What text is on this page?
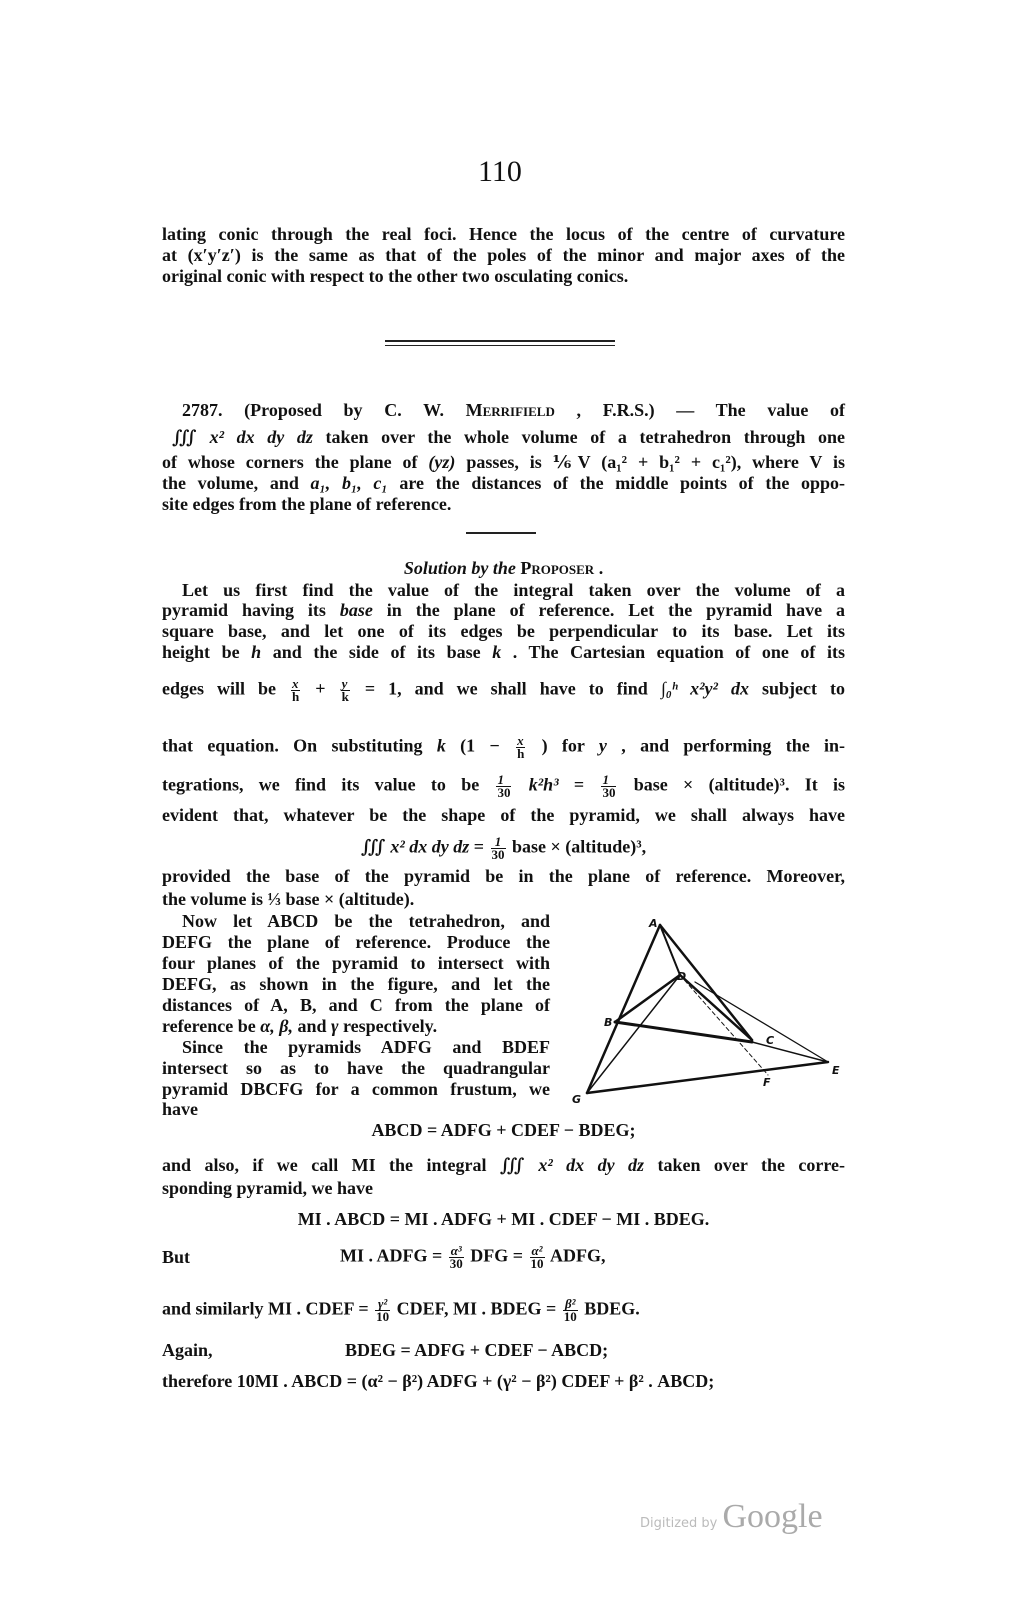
110
lating conic through the real foci. Hence the locus of the centre of curvature
at (x′y′z′) is the same as that of the poles of the minor and major axes of the
original conic with respect to the other two osculating conics.
2787. (Proposed by C. W. Merrifield , F.R.S.) — The value of
∭ x² dx dy dz taken over the whole volume of a tetrahedron through one
of whose corners the plane of (yz) passes, is ⅙V (a₁² + b₁² + c₁²), where V is
the volume, and a₁, b₁, c₁ are the distances of the middle points of the oppo-
site edges from the plane of reference.
Solution by the Proposer .
Let us first find the value of the integral taken over the volume of a
pyramid having its base in the plane of reference. Let the pyramid have a
square base, and let one of its edges be perpendicular to its base. Let its
height be h and the side of its base k . The Cartesian equation of one of its
edges will be $\frac{x}{h} + \frac{y}{k} = 1$, and we shall have to find ∫₀ʰ x²y² dx subject to
that equation. On substituting k ($1 - \frac{x}{h}$ ) for y , and performing the in-
tegrations, we find its value to be $\frac{1}{30} k^2h^3 = \frac{1}{30}$ base × (altitude)³. It is
evident that, whatever be the shape of the pyramid, we shall always have
∭ x² dx dy dz = $\frac{1}{30}$ base × (altitude)³,
provided the base of the pyramid be in the plane of reference. Moreover,
the volume is ⅓ base × (altitude).
Now let ABCD be the tetrahedron, and
DEFG the plane of reference. Produce the
four planes of the pyramid to intersect with
DEFG, as shown in the figure, and let the
distances of A, B, and C from the plane of
reference be α, β, and γ respectively.
Since the pyramids ADFG and BDEF
intersect so as to have the quadrangular
pyramid DBCFG for a common frustum, we
have
ABCD = ADFG + CDEF − BDEG;
and also, if we call MI the integral ∭ x² dx dy dz taken over the corre-
sponding pyramid, we have
MI . ABCD = MI . ADFG + MI . CDEF − MI . BDEG.
But	MI . ADFG = $\frac{\text{α³}}{30}$ DFG = $\frac{\text{α²}}{10}$ ADFG,
and similarly MI . CDEF = $\frac{\text{γ²}}{10}$ CDEF, MI . BDEG = $\frac{\text{β²}}{10}$ BDEG.
Again,	BDEG = ADFG + CDEF − ABCD;
therefore 10MI . ABCD = (α² − β²) ADFG + (γ² − β²) CDEF + β² . ABCD;
A
B
C
D
E
F
G
Digitized by Google
